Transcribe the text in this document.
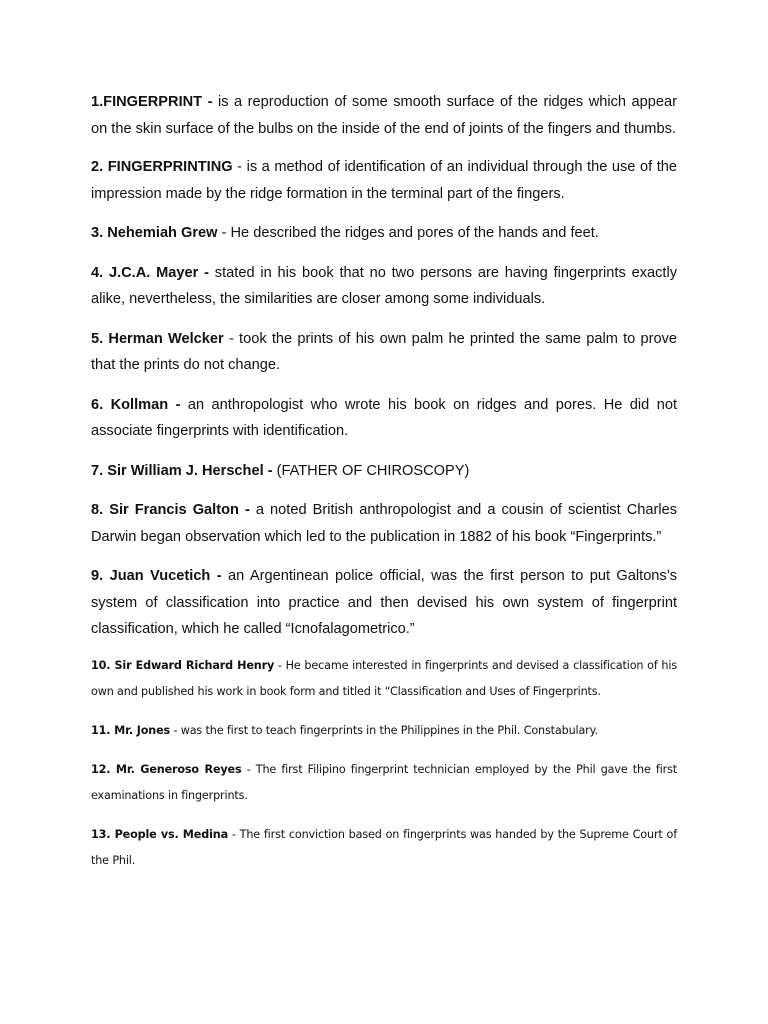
1.FINGERPRINT - is a reproduction of some smooth surface of the ridges which appear on the skin surface of the bulbs on the inside of the end of joints of the fingers and thumbs.

2. FINGERPRINTING - is a method of identification of an individual through the use of the impression made by the ridge formation in the terminal part of the fingers.

3. Nehemiah Grew - He described the ridges and pores of the hands and feet.

4. J.C.A. Mayer - stated in his book that no two persons are having fingerprints exactly alike, nevertheless, the similarities are closer among some individuals.

5. Herman Welcker - took the prints of his own palm he printed the same palm to prove that the prints do not change.

6. Kollman - an anthropologist who wrote his book on ridges and pores. He did not associate fingerprints with identification.

7. Sir William J. Herschel - (FATHER OF CHIROSCOPY)

8. Sir Francis Galton - a noted British anthropologist and a cousin of scientist Charles Darwin began observation which led to the publication in 1882 of his book “Fingerprints.”

9. Juan Vucetich - an Argentinean police official, was the first person to put Galtons’s system of classification into practice and then devised his own system of fingerprint classification, which he called “Icnofalagometrico.”

10. Sir Edward Richard Henry - He became interested in fingerprints and devised a classification of his own and published his work in book form and titled it “Classification and Uses of Fingerprints.

11. Mr. Jones - was the first to teach fingerprints in the Philippines in the Phil. Constabulary.

12. Mr. Generoso Reyes - The first Filipino fingerprint technician employed by the Phil gave the first examinations in fingerprints.

13. People vs. Medina - The first conviction based on fingerprints was handed by the Supreme Court of the Phil.
